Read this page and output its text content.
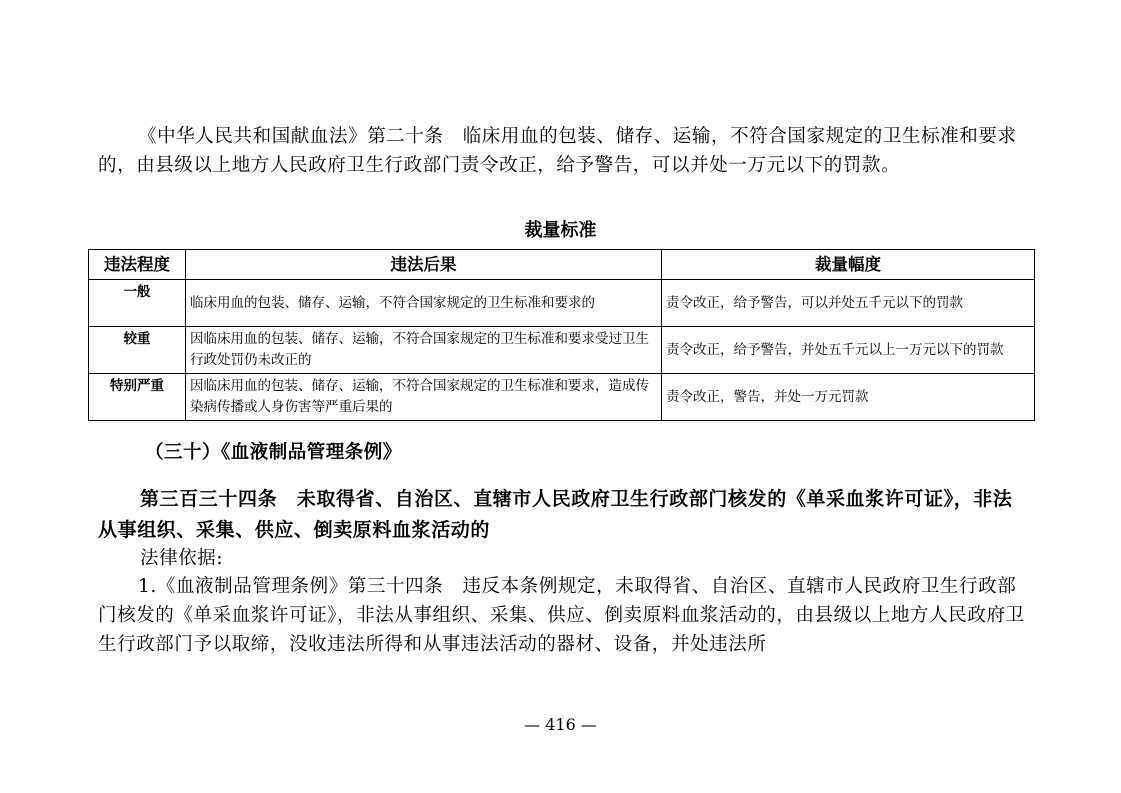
《中华人民共和国献血法》第二十条　临床用血的包装、储存、运输，不符合国家规定的卫生标准和要求的，由县级以上地方人民政府卫生行政部门责令改正，给予警告，可以并处一万元以下的罚款。
裁量标准
违法程度	违法后果	裁量幅度
一般	临床用血的包装、储存、运输，不符合国家规定的卫生标准和要求的	责令改正，给予警告，可以并处五千元以下的罚款
较重	因临床用血的包装、储存、运输，不符合国家规定的卫生标准和要求受过卫生行政处罚仍未改正的	责令改正，给予警告，并处五千元以上一万元以下的罚款
特别严重	因临床用血的包装、储存、运输，不符合国家规定的卫生标准和要求，造成传染病传播或人身伤害等严重后果的	责令改正，警告，并处一万元罚款
（三十）《血液制品管理条例》
第三百三十四条　未取得省、自治区、直辖市人民政府卫生行政部门核发的《单采血浆许可证》，非法从事组织、采集、供应、倒卖原料血浆活动的
法律依据:
1.《血液制品管理条例》第三十四条　违反本条例规定，未取得省、自治区、直辖市人民政府卫生行政部门核发的《单采血浆许可证》，非法从事组织、采集、供应、倒卖原料血浆活动的，由县级以上地方人民政府卫生行政部门予以取缔，没收违法所得和从事违法活动的器材、设备，并处违法所
— 416 —
